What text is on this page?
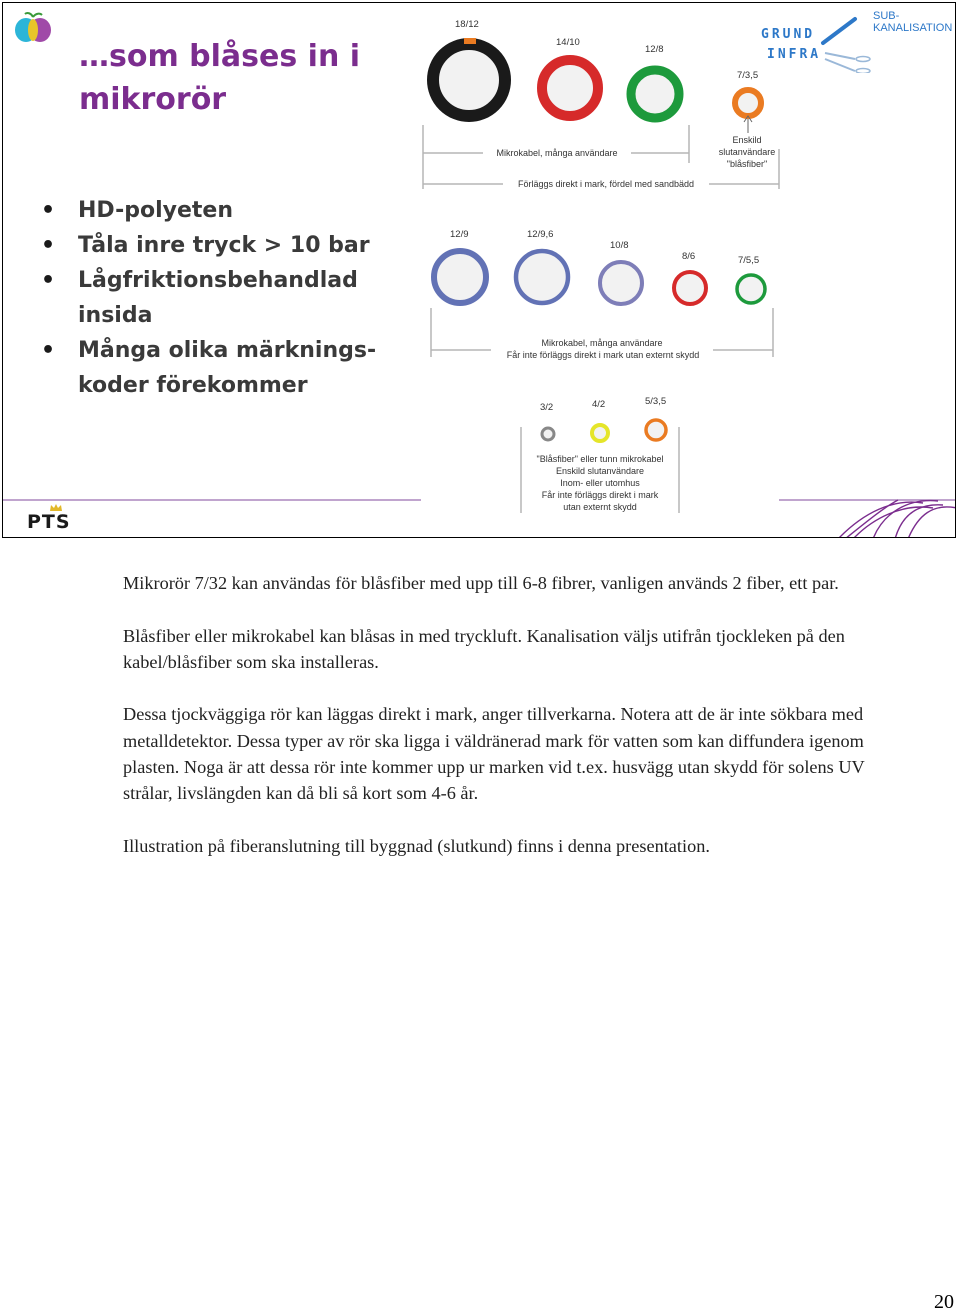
…som blåses in i
mikrorör
• HD-polyeten
• Tåla inre tryck > 10 bar
• Lågfriktionsbehandlad insida
• Många olika märknings-koder förekommer
GRUND
INFRA
SUB-
KANALISATION
18/12
14/10
12/8
7/3,5
Enskild slutanvändare "blåsfiber"
Mikrokabel, många användare
Förläggs direkt i mark, fördel med sandbädd
12/9	12/9,6
10/8
8/6	7/5,5
Mikrokabel, många användare
Får inte förläggs direkt i mark utan externt skydd
3/2	4/2	5/3,5
"Blåsfiber" eller tunn mikrokabel
Enskild slutanvändare
Inom- eller utomhus
Får inte förläggs direkt i mark
utan externt skydd
PTS

Mikrorör 7/32 kan användas för blåsfiber med upp till 6-8 fibrer, vanligen används 2 fiber, ett par.

Blåsfiber eller mikrokabel kan blåsas in med tryckluft. Kanalisation väljs utifrån tjockleken på den kabel/blåsfiber som ska installeras.

Dessa tjockväggiga rör kan läggas direkt i mark, anger tillverkarna. Notera att de är inte sökbara med metalldetektor. Dessa typer av rör ska ligga i väldränerad mark för vatten som kan diffundera igenom plasten. Noga är att dessa rör inte kommer upp ur marken vid t.ex. husvägg utan skydd för solens UV strålar, livslängden kan då bli så kort som 4-6 år.

Illustration på fiberanslutning till byggnad (slutkund) finns i denna presentation.

20
